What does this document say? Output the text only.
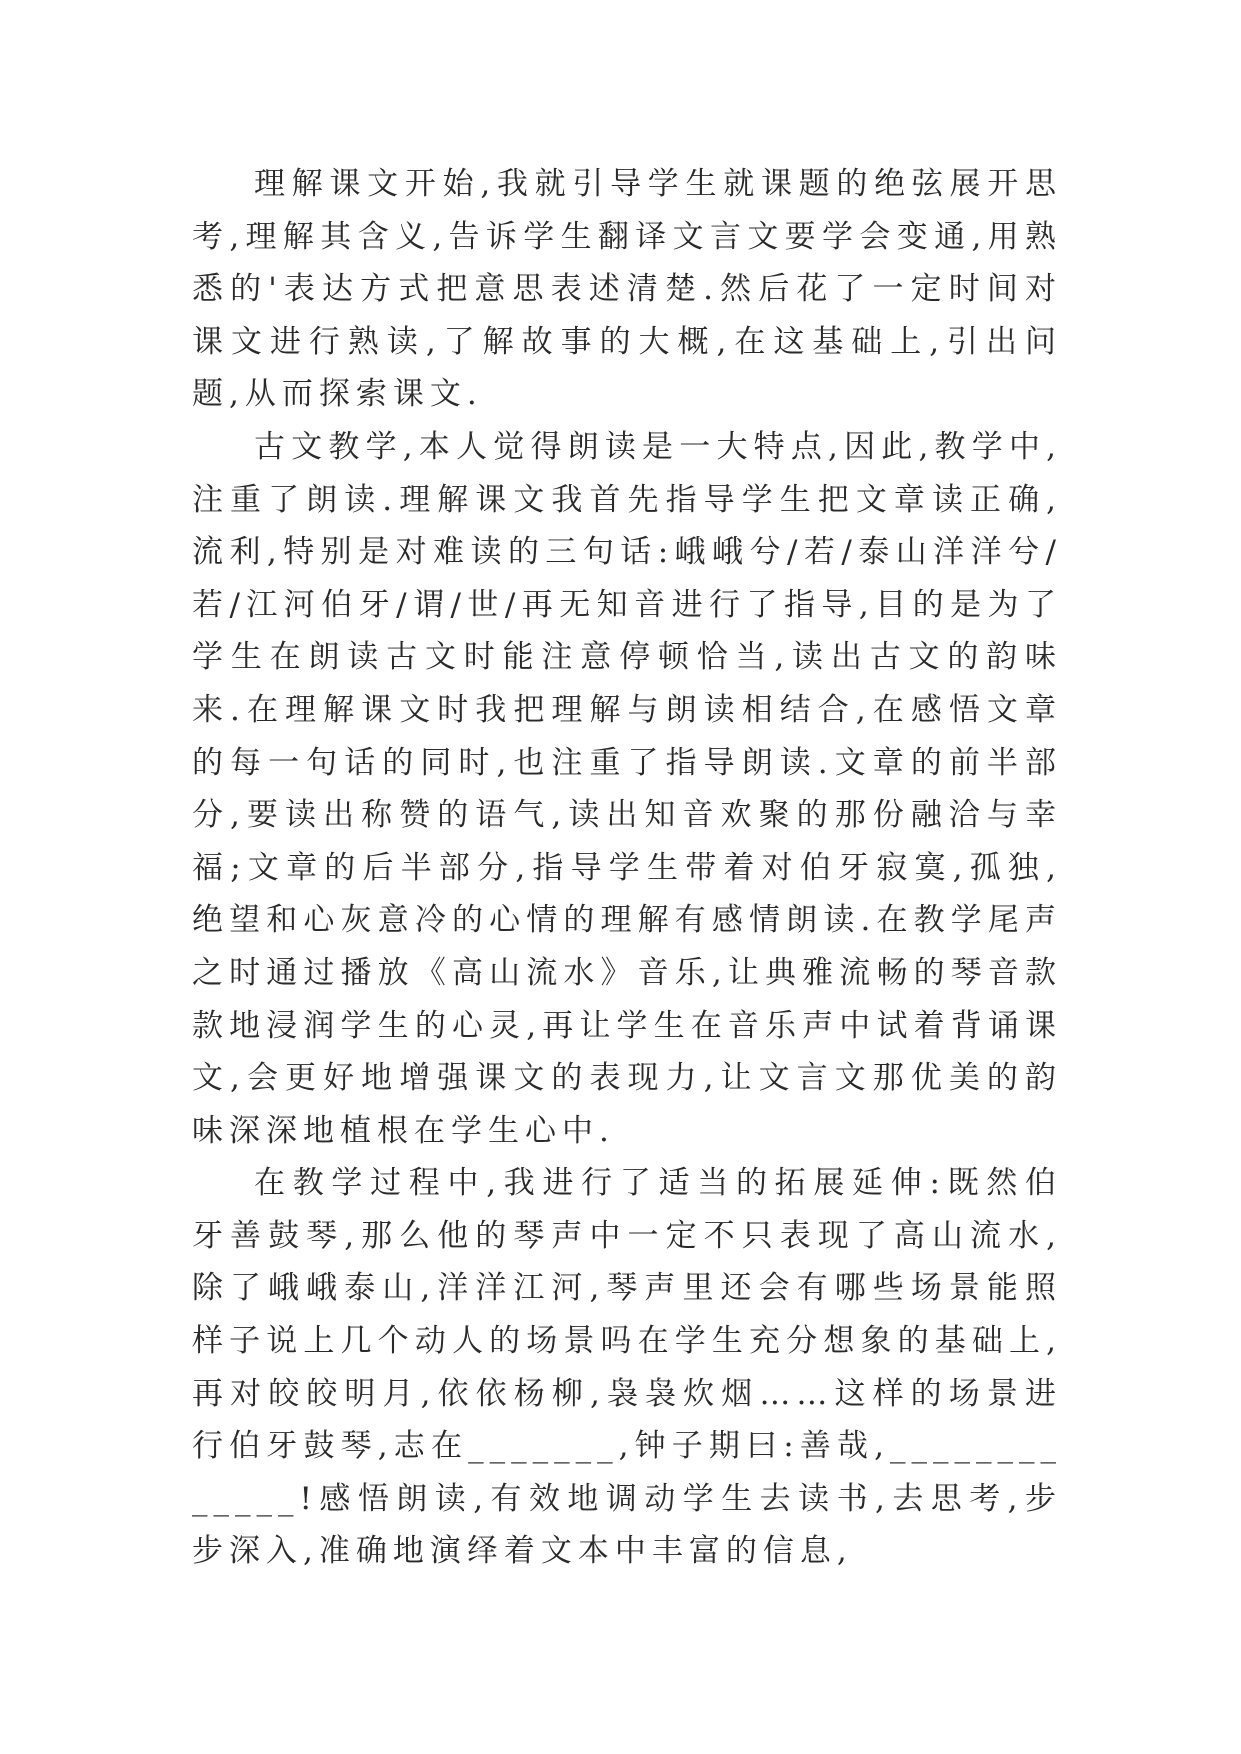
理解课文开始,我就引导学生就课题的绝弦展开思考,理解其含义,告诉学生翻译文言文要学会变通,用熟悉的'表达方式把意思表述清楚.然后花了一定时间对课文进行熟读,了解故事的大概,在这基础上,引出问题,从而探索课文.

古文教学,本人觉得朗读是一大特点,因此,教学中,注重了朗读.理解课文我首先指导学生把文章读正确,流利,特别是对难读的三句话:峨峨兮/若/泰山洋洋兮/若/江河伯牙/谓/世/再无知音进行了指导,目的是为了学生在朗读古文时能注意停顿恰当,读出古文的韵味来.在理解课文时我把理解与朗读相结合,在感悟文章的每一句话的同时,也注重了指导朗读.文章的前半部分,要读出称赞的语气,读出知音欢聚的那份融洽与幸福;文章的后半部分,指导学生带着对伯牙寂寞,孤独,绝望和心灰意冷的心情的理解有感情朗读.在教学尾声之时通过播放《高山流水》音乐,让典雅流畅的琴音款款地浸润学生的心灵,再让学生在音乐声中试着背诵课文,会更好地增强课文的表现力,让文言文那优美的韵味深深地植根在学生心中.

在教学过程中,我进行了适当的拓展延伸:既然伯牙善鼓琴,那么他的琴声中一定不只表现了高山流水,除了峨峨泰山,洋洋江河,琴声里还会有哪些场景能照样子说上几个动人的场景吗在学生充分想象的基础上,再对皎皎明月,依依杨柳,袅袅炊烟……这样的场景进行伯牙鼓琴,志在_______,钟子期曰:善哉,_____________!感悟朗读,有效地调动学生去读书,去思考,步步深入,准确地演绎着文本中丰富的信息,
